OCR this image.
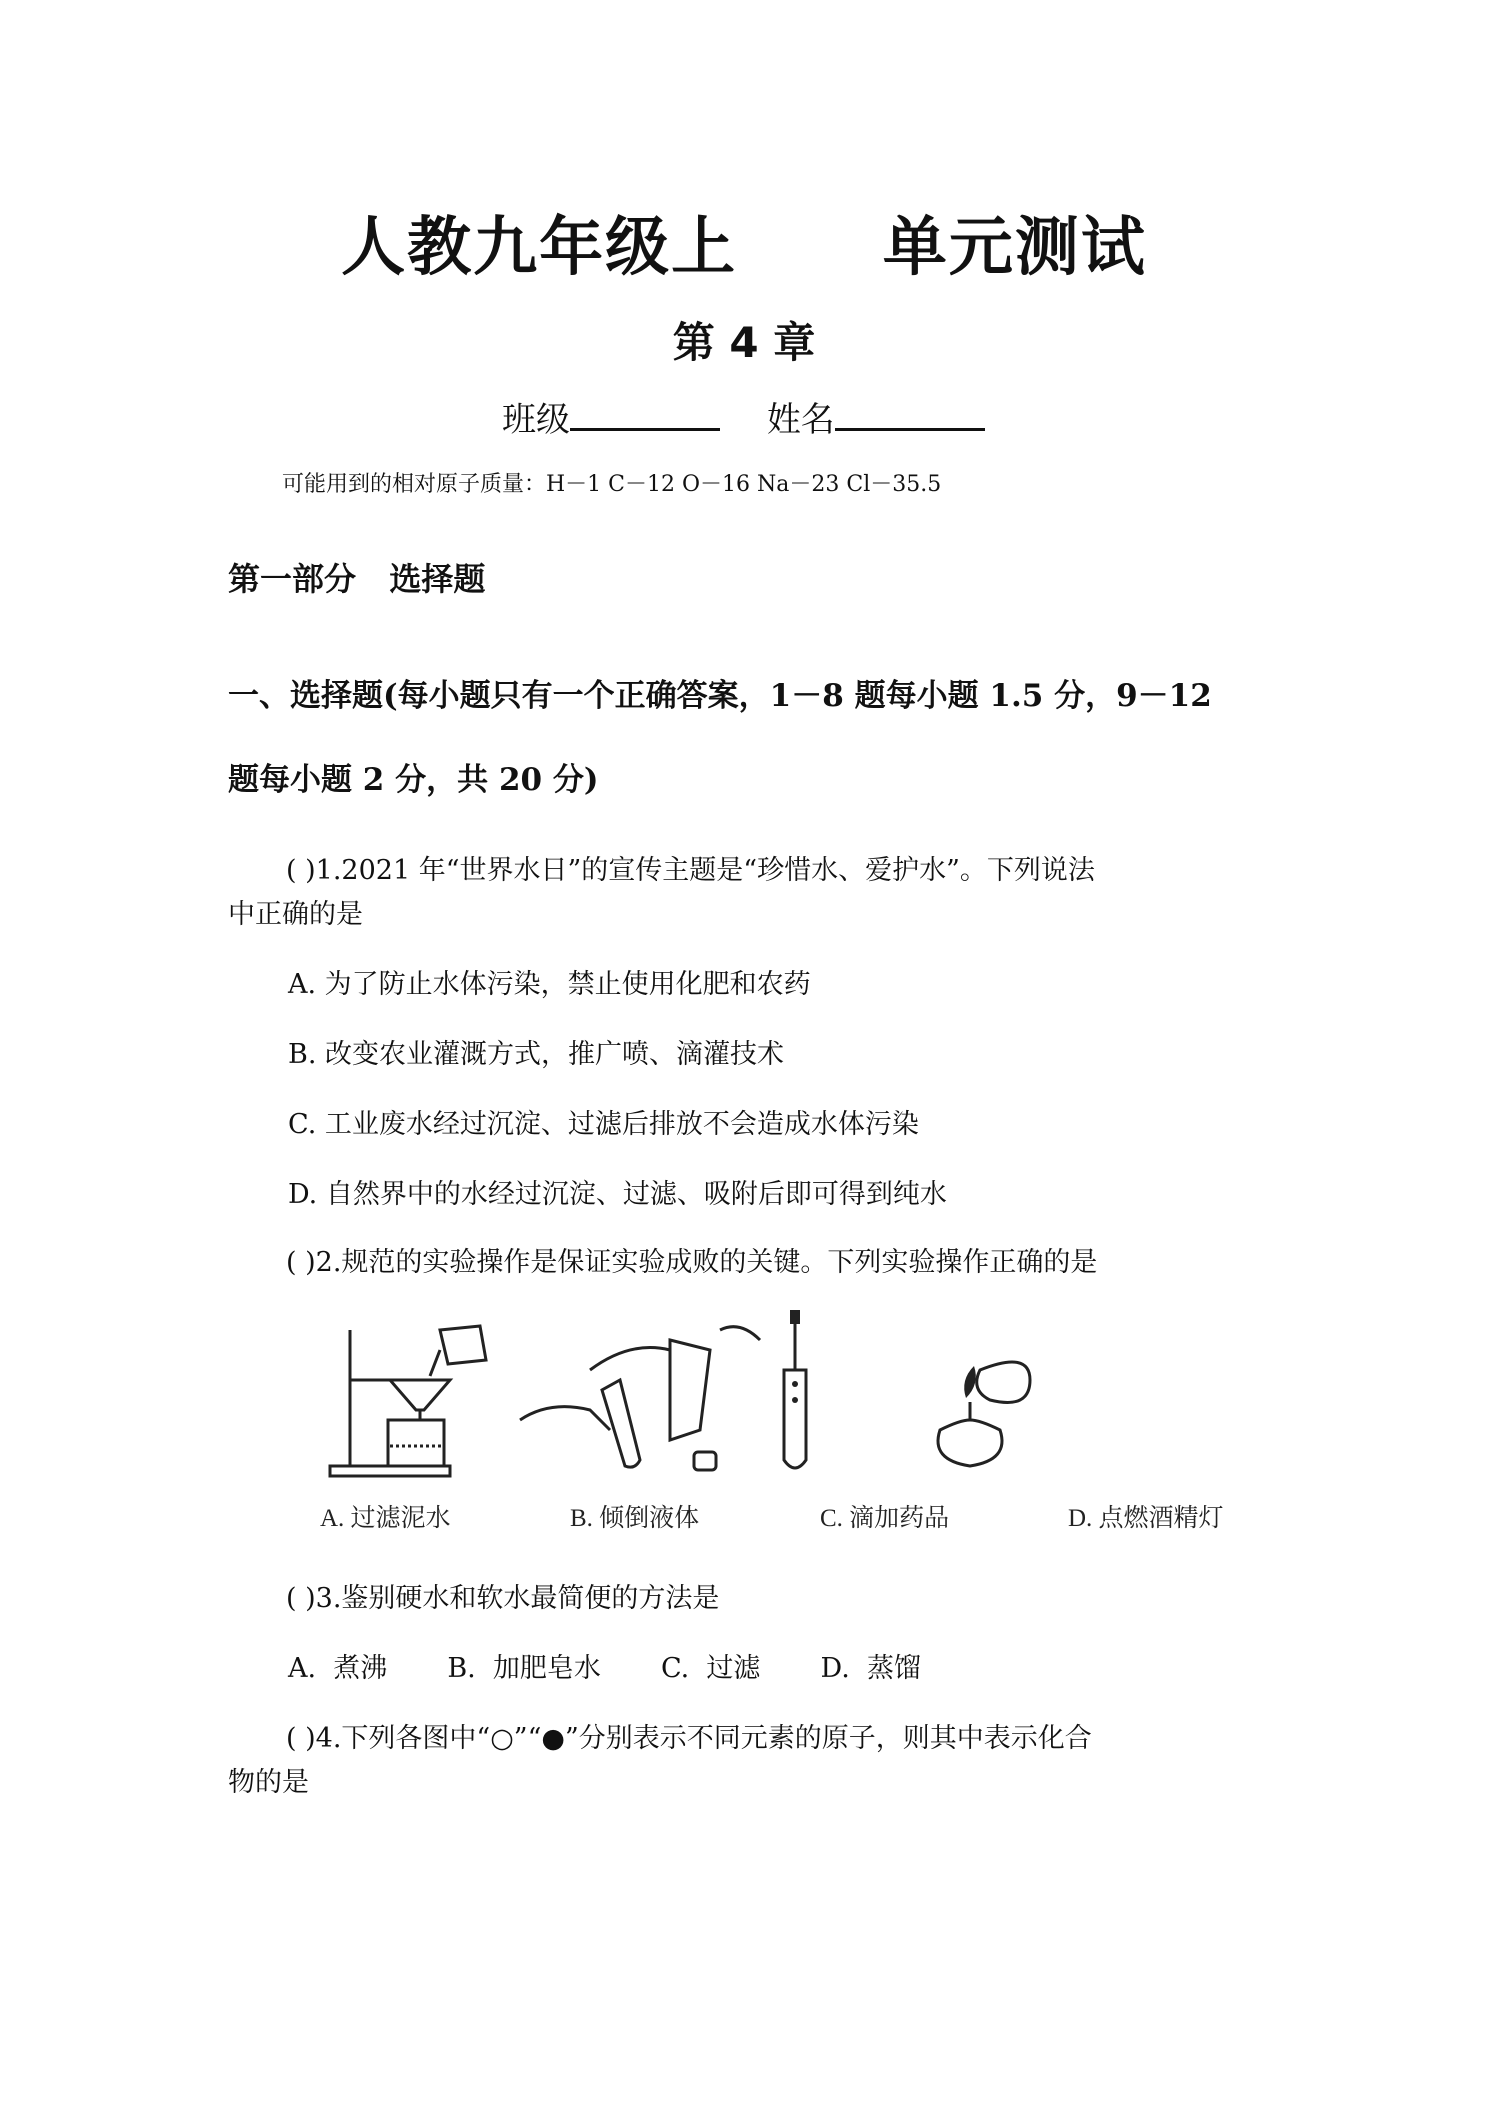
人教九年级上      单元测试
第 4 章
班级	姓名
可能用到的相对原子质量：H－1 C－12 O－16 Na－23 Cl－35.5
第一部分   选择题
一、选择题(每小题只有一个正确答案，1－8 题每小题 1.5 分，9－12
题每小题 2 分，共 20 分)
( )1.2021 年“世界水日”的宣传主题是“珍惜水、爱护水”。下列说法
中正确的是
A. 为了防止水体污染，禁止使用化肥和农药
B. 改变农业灌溉方式，推广喷、滴灌技术
C. 工业废水经过沉淀、过滤后排放不会造成水体污染
D. 自然界中的水经过沉淀、过滤、吸附后即可得到纯水
( )2.规范的实验操作是保证实验成败的关键。下列实验操作正确的是
A. 过滤泥水	B. 倾倒液体	C. 滴加药品	D. 点燃酒精灯
( )3.鉴别硬水和软水最简便的方法是
A.  煮沸       B.  加肥皂水       C.  过滤       D.  蒸馏
( )4.下列各图中“○”“●”分别表示不同元素的原子，则其中表示化合
物的是
